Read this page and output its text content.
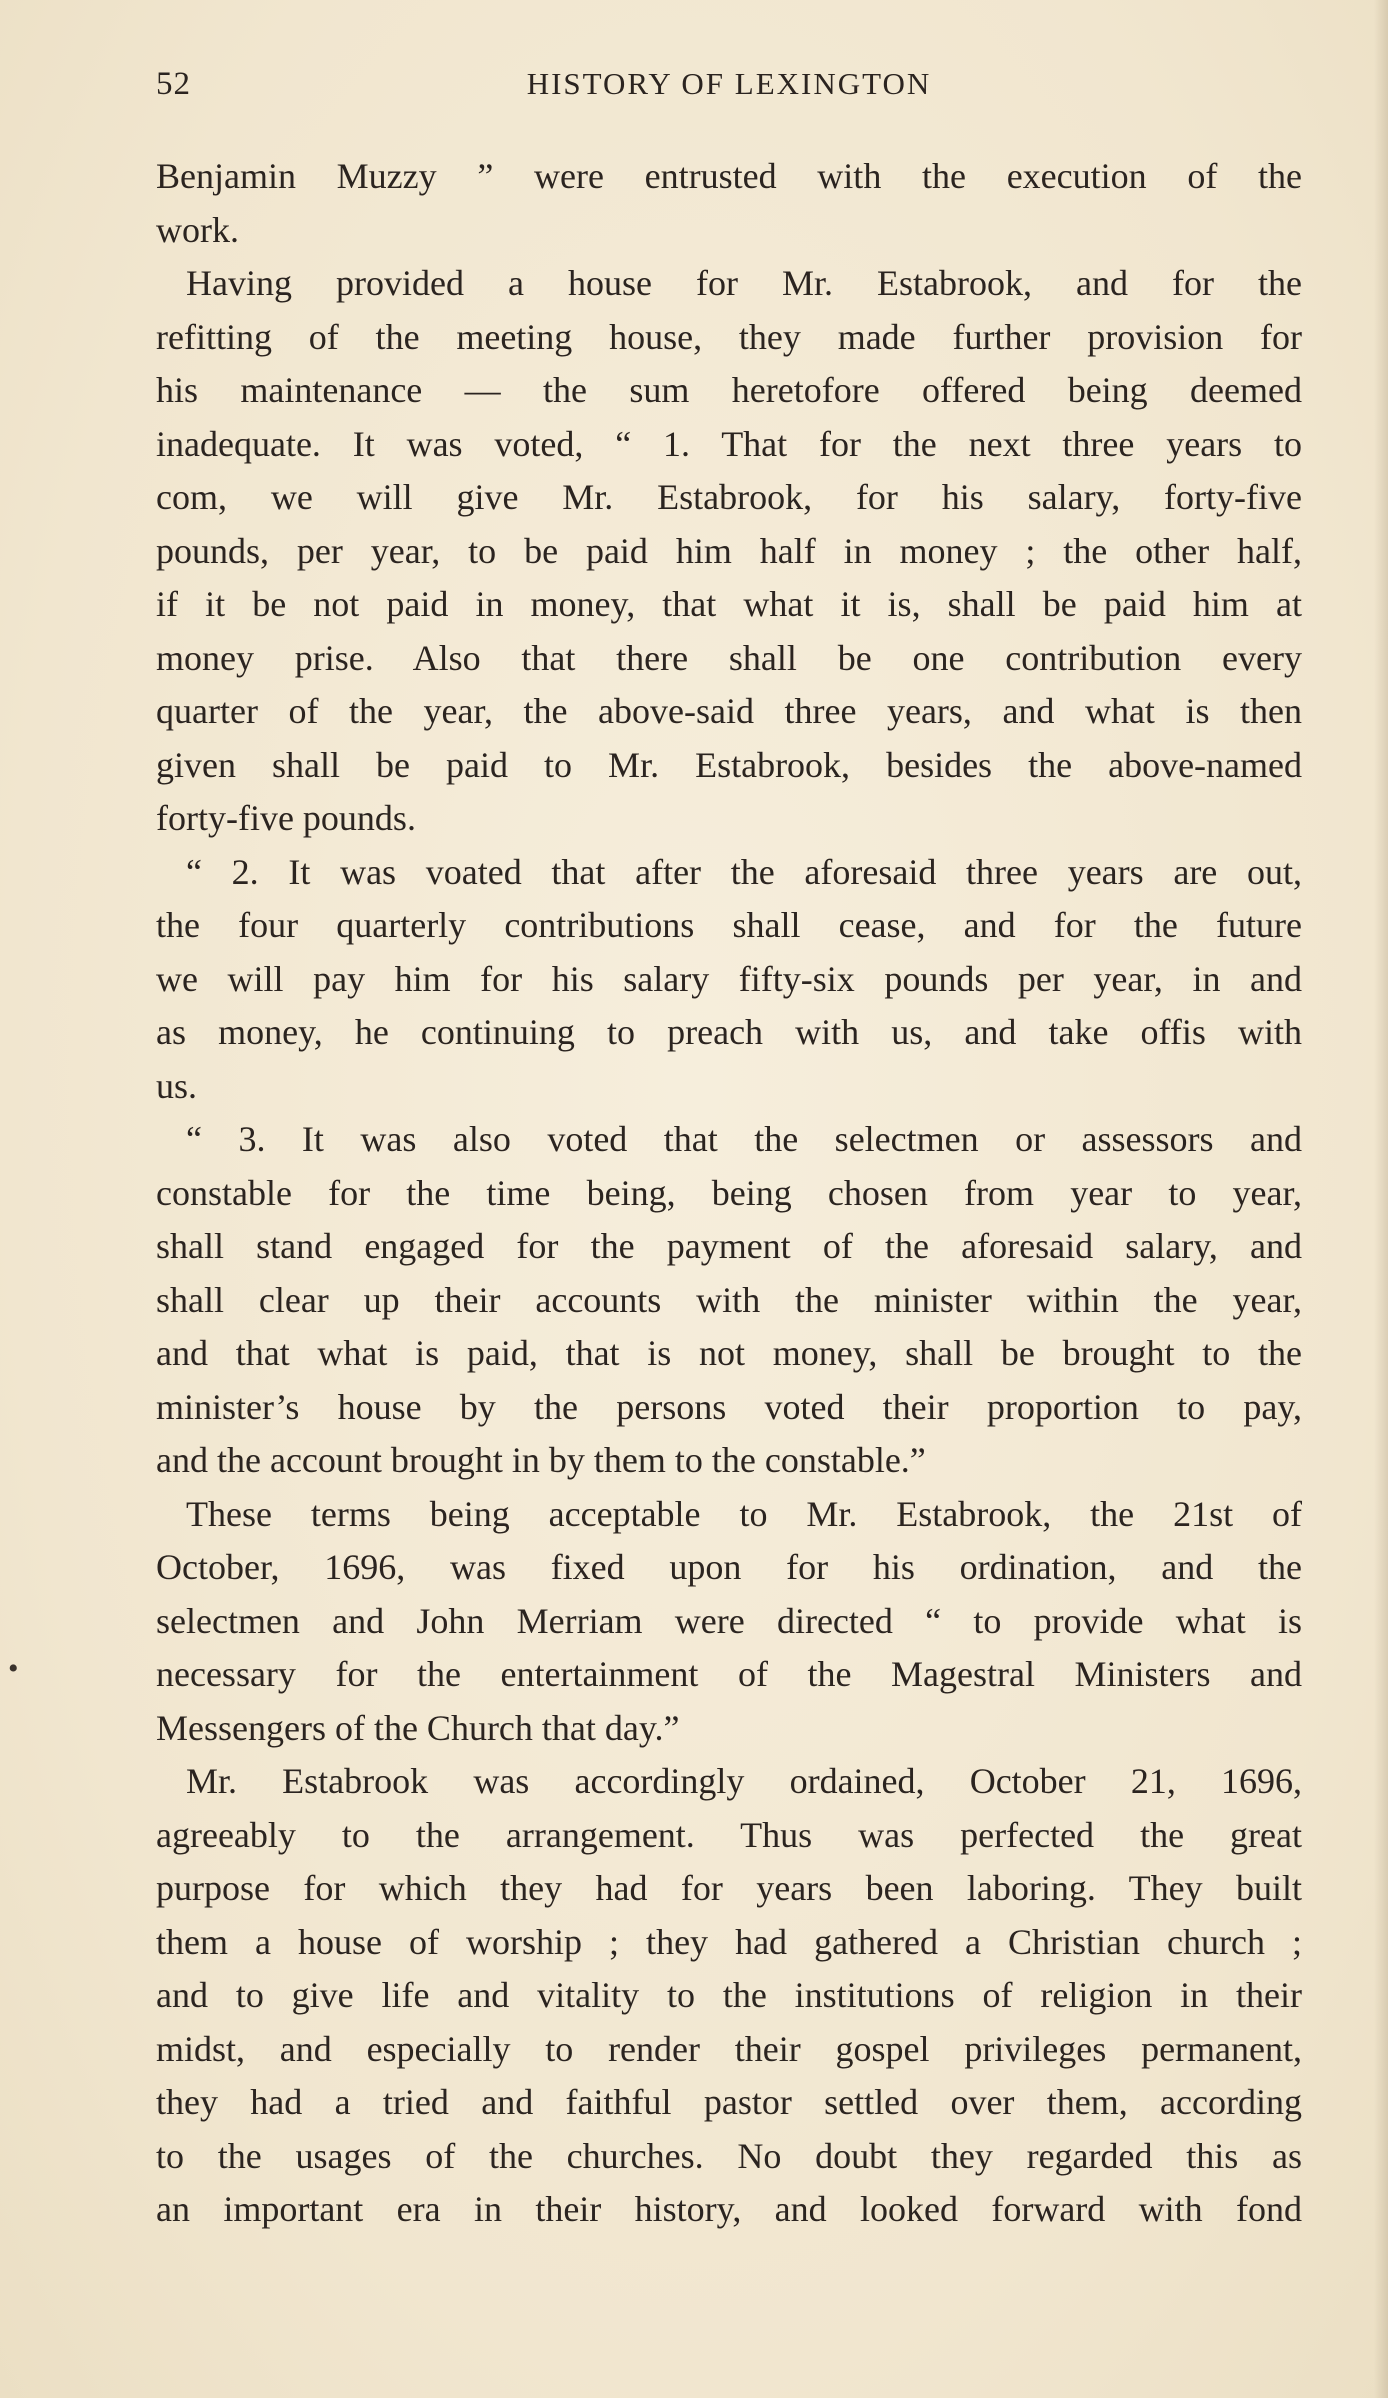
52	HISTORY OF LEXINGTON
Benjamin Muzzy ” were entrusted with the execution of the
work.
Having provided a house for Mr. Estabrook, and for the
refitting of the meeting house, they made further provision for
his maintenance — the sum heretofore offered being deemed
inadequate. It was voted, “ 1. That for the next three years to
com, we will give Mr. Estabrook, for his salary, forty-five
pounds, per year, to be paid him half in money ; the other half,
if it be not paid in money, that what it is, shall be paid him at
money prise. Also that there shall be one contribution every
quarter of the year, the above-said three years, and what is then
given shall be paid to Mr. Estabrook, besides the above-named
forty-five pounds.
“ 2. It was voated that after the aforesaid three years are out,
the four quarterly contributions shall cease, and for the future
we will pay him for his salary fifty-six pounds per year, in and
as money, he continuing to preach with us, and take offis with
us.
“ 3. It was also voted that the selectmen or assessors and
constable for the time being, being chosen from year to year,
shall stand engaged for the payment of the aforesaid salary, and
shall clear up their accounts with the minister within the year,
and that what is paid, that is not money, shall be brought to the
minister’s house by the persons voted their proportion to pay,
and the account brought in by them to the constable.”
These terms being acceptable to Mr. Estabrook, the 21st of
October, 1696, was fixed upon for his ordination, and the
selectmen and John Merriam were directed “ to provide what is
necessary for the entertainment of the Magestral Ministers and
Messengers of the Church that day.”
Mr. Estabrook was accordingly ordained, October 21, 1696,
agreeably to the arrangement. Thus was perfected the great
purpose for which they had for years been laboring. They built
them a house of worship ; they had gathered a Christian church ;
and to give life and vitality to the institutions of religion in their
midst, and especially to render their gospel privileges permanent,
they had a tried and faithful pastor settled over them, according
to the usages of the churches. No doubt they regarded this as
an important era in their history, and looked forward with fond
•
